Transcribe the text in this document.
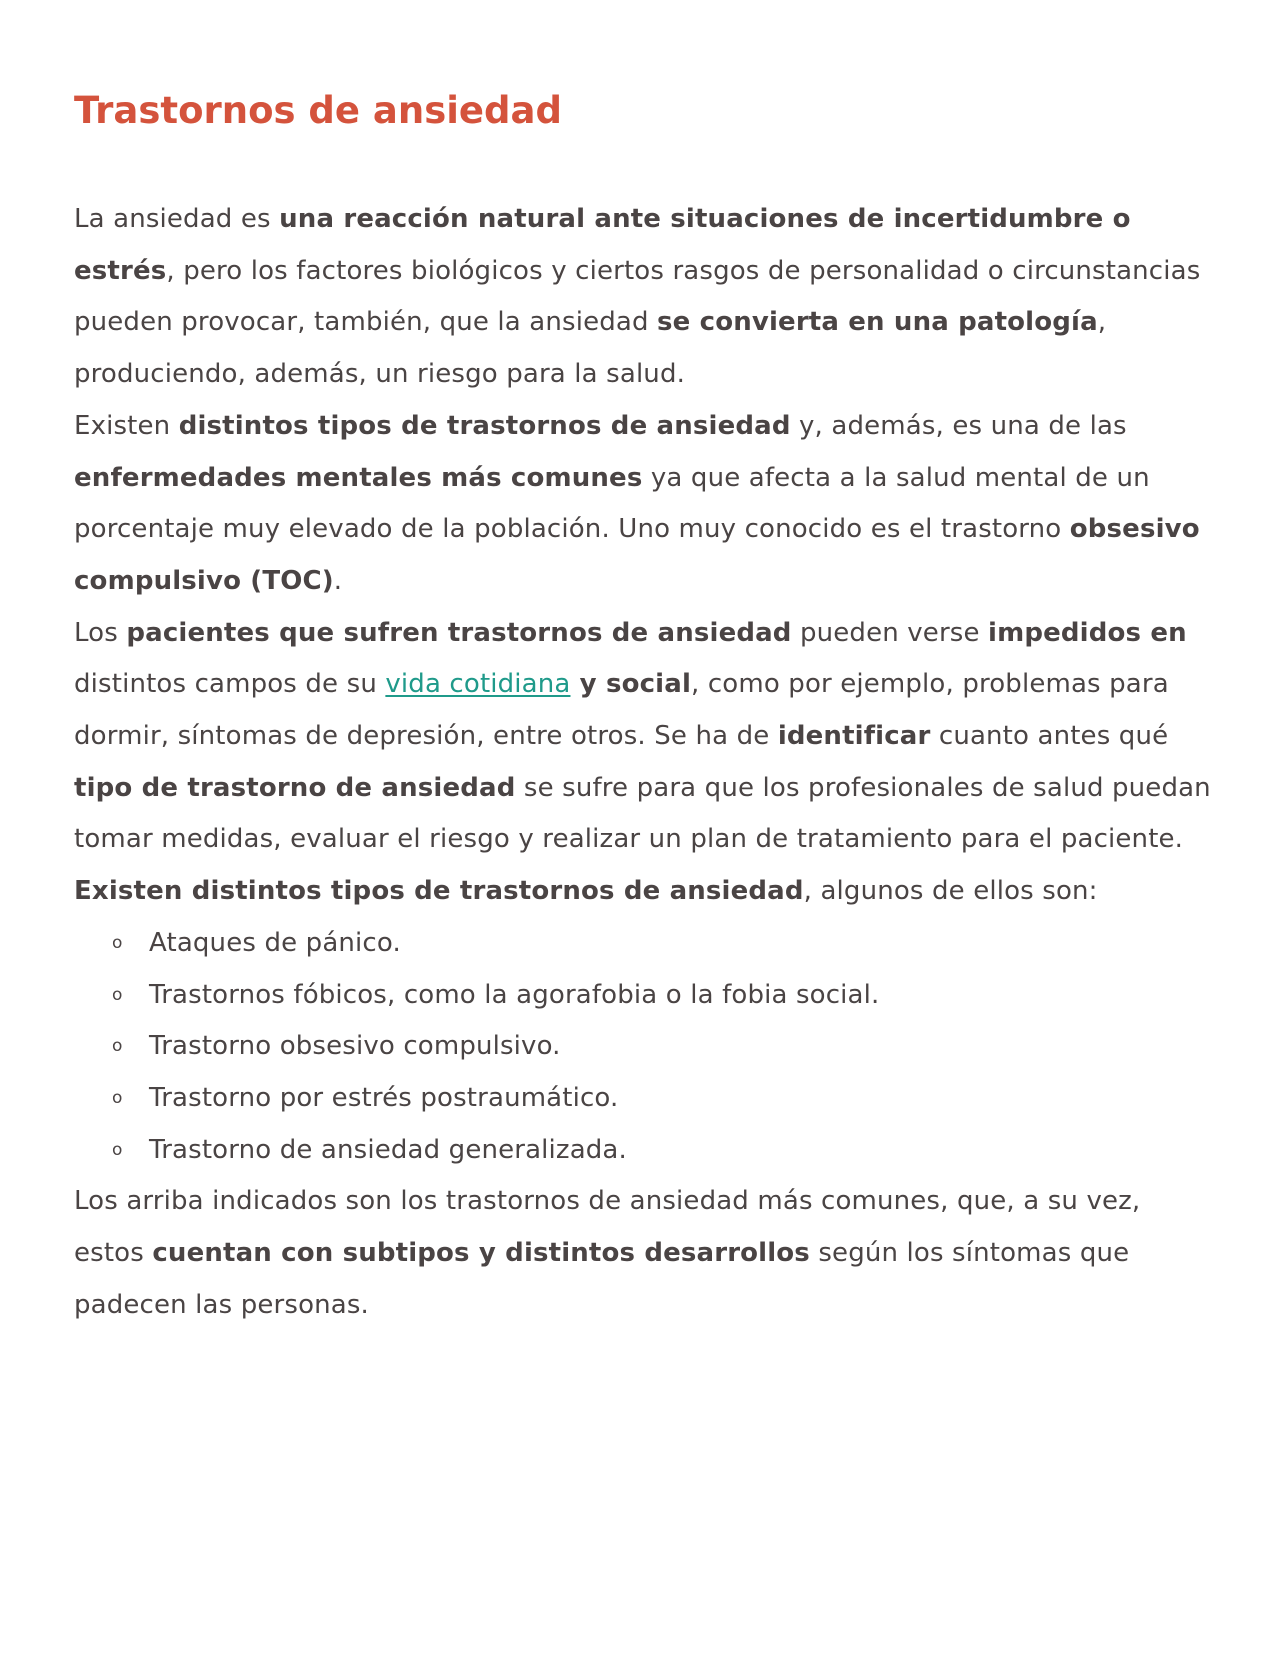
Trastornos de ansiedad

La ansiedad es una reacción natural ante situaciones de incertidumbre o estrés, pero los factores biológicos y ciertos rasgos de personalidad o circunstancias pueden provocar, también, que la ansiedad se convierta en una patología, produciendo, además, un riesgo para la salud.

Existen distintos tipos de trastornos de ansiedad y, además, es una de las enfermedades mentales más comunes ya que afecta a la salud mental de un porcentaje muy elevado de la población. Uno muy conocido es el trastorno obsesivo compulsivo (TOC).

Los pacientes que sufren trastornos de ansiedad pueden verse impedidos en distintos campos de su vida cotidiana y social, como por ejemplo, problemas para dormir, síntomas de depresión, entre otros. Se ha de identificar cuanto antes qué tipo de trastorno de ansiedad se sufre para que los profesionales de salud puedan tomar medidas, evaluar el riesgo y realizar un plan de tratamiento para el paciente.

Existen distintos tipos de trastornos de ansiedad, algunos de ellos son:

o Ataques de pánico.
o Trastornos fóbicos, como la agorafobia o la fobia social.
o Trastorno obsesivo compulsivo.
o Trastorno por estrés postraumático.
o Trastorno de ansiedad generalizada.

Los arriba indicados son los trastornos de ansiedad más comunes, que, a su vez, estos cuentan con subtipos y distintos desarrollos según los síntomas que padecen las personas.
